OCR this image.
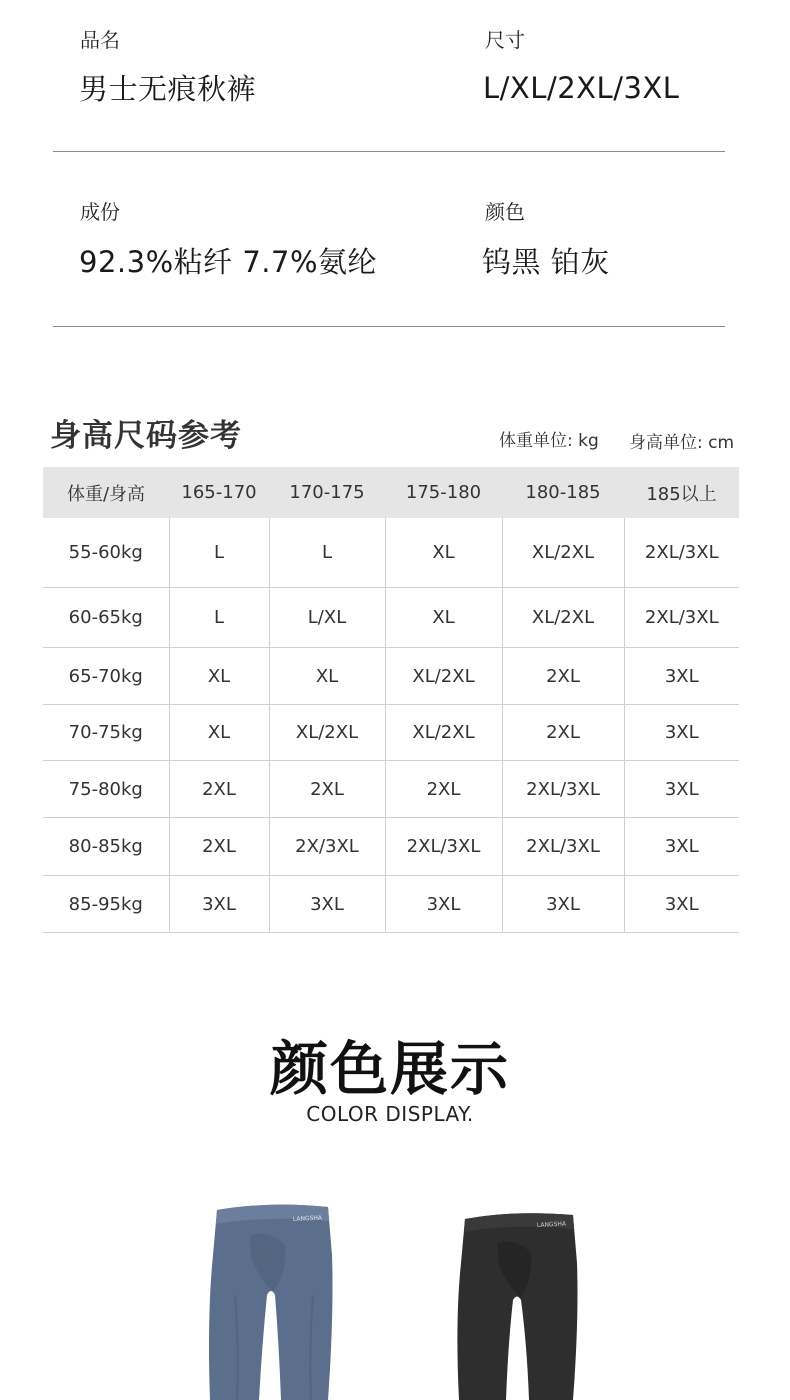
品名
男士无痕秋裤
尺寸
L/XL/2XL/3XL
成份
92.3%粘纤 7.7%氨纶
颜色
钨黑 铂灰
身高尺码参考	体重单位: kg 身高单位: cm
体重/身高	165-170	170-175	175-180	180-185	185以上
55-60kg	L	L	XL	XL/2XL	2XL/3XL
60-65kg	L	L/XL	XL	XL/2XL	2XL/3XL
65-70kg	XL	XL	XL/2XL	2XL	3XL
70-75kg	XL	XL/2XL	XL/2XL	2XL	3XL
75-80kg	2XL	2XL	2XL	2XL/3XL	3XL
80-85kg	2XL	2X/3XL	2XL/3XL	2XL/3XL	3XL
85-95kg	3XL	3XL	3XL	3XL	3XL
颜色展示
COLOR DISPLAY.
LANGSHA
LANGSHA
